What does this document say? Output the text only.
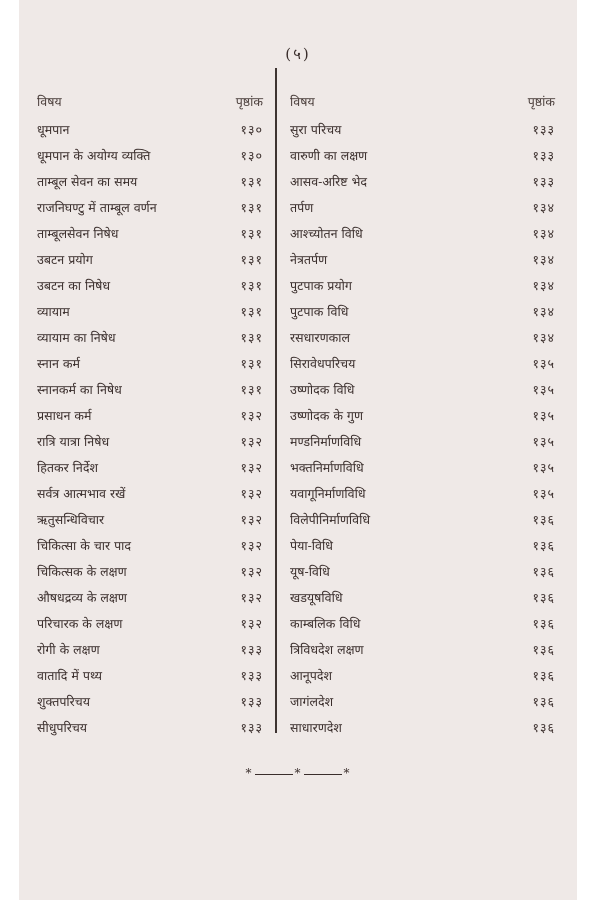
(५)
विषय	पृष्ठांक
धूमपान	१३०
धूमपान के अयोग्य व्यक्ति	१३०
ताम्बूल सेवन का समय	१३१
राजनिघण्टु में ताम्बूल वर्णन	१३१
ताम्बूलसेवन निषेध	१३१
उबटन प्रयोग	१३१
उबटन का निषेध	१३१
व्यायाम	१३१
व्यायाम का निषेध	१३१
स्नान कर्म	१३१
स्नानकर्म का निषेध	१३१
प्रसाधन कर्म	१३२
रात्रि यात्रा निषेध	१३२
हितकर निर्देश	१३२
सर्वत्र आत्मभाव रखें	१३२
ऋतुसन्धिविचार	१३२
चिकित्सा के चार पाद	१३२
चिकित्सक के लक्षण	१३२
औषधद्रव्य के लक्षण	१३२
परिचारक के लक्षण	१३२
रोगी के लक्षण	१३३
वातादि में पथ्य	१३३
शुक्तपरिचय	१३३
सीधुपरिचय	१३३
विषय	पृष्ठांक
सुरा परिचय	१३३
वारुणी का लक्षण	१३३
आसव-अरिष्ट भेद	१३३
तर्पण	१३४
आश्च्योतन विधि	१३४
नेत्रतर्पण	१३४
पुटपाक प्रयोग	१३४
पुटपाक विधि	१३४
रसधारणकाल	१३४
सिरावेधपरिचय	१३५
उष्णोदक विधि	१३५
उष्णोदक के गुण	१३५
मण्डनिर्माणविधि	१३५
भक्तनिर्माणविधि	१३५
यवागूनिर्माणविधि	१३५
विलेपीनिर्माणविधि	१३६
पेया-विधि	१३६
यूष-विधि	१३६
खडयूषविधि	१३६
काम्बलिक विधि	१३६
त्रिविधदेश लक्षण	१३६
आनूपदेश	१३६
जागंलदेश	१३६
साधारणदेश	१३६
*	*	*
